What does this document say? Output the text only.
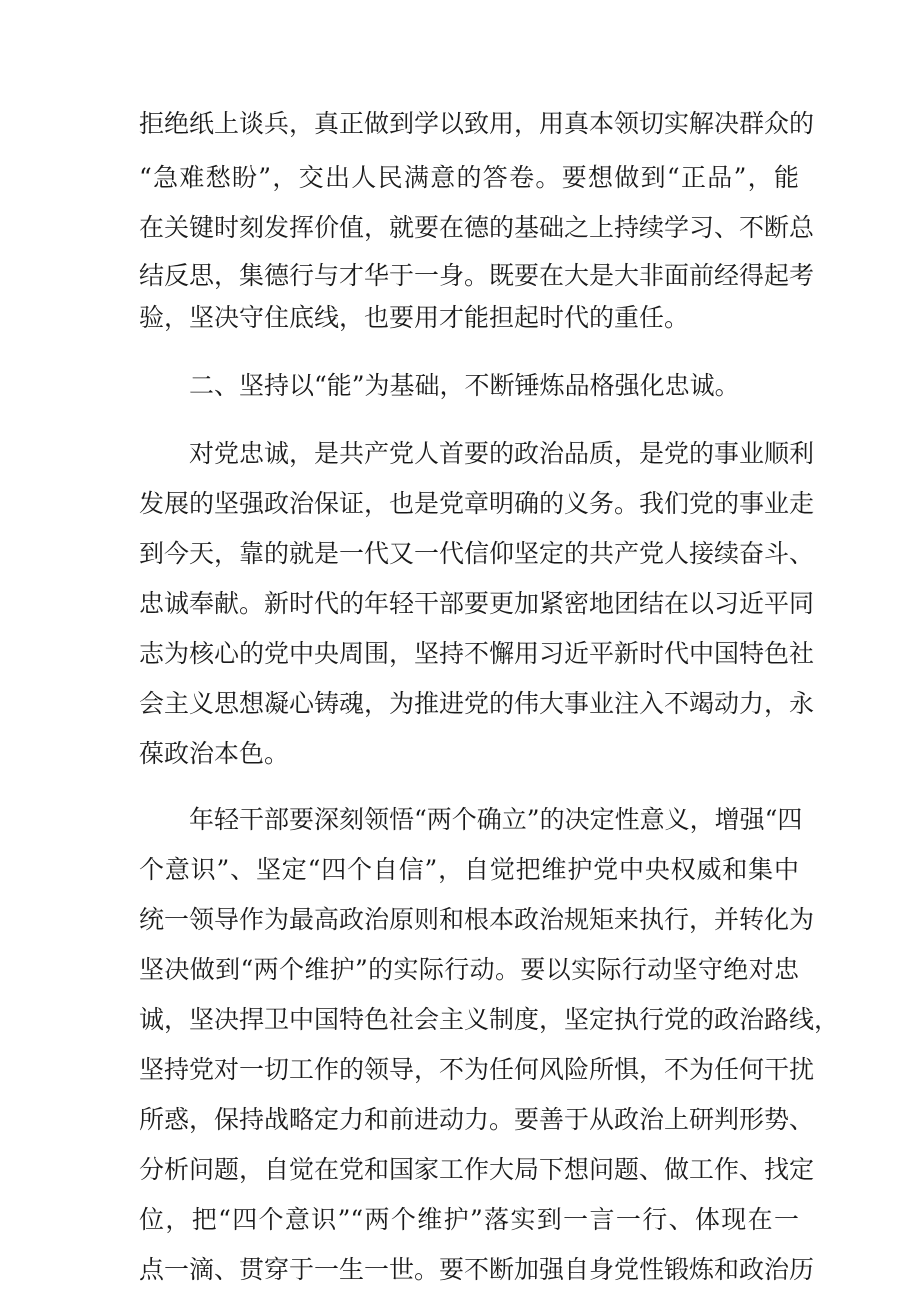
拒绝纸上谈兵，真正做到学以致用，用真本领切实解决群众的
“急难愁盼”，交出人民满意的答卷。要想做到“正品”，能
在关键时刻发挥价值，就要在德的基础之上持续学习、不断总
结反思，集德行与才华于一身。既要在大是大非面前经得起考
验，坚决守住底线，也要用才能担起时代的重任。
二、坚持以“能”为基础，不断锤炼品格强化忠诚。
对党忠诚，是共产党人首要的政治品质，是党的事业顺利
发展的坚强政治保证，也是党章明确的义务。我们党的事业走
到今天，靠的就是一代又一代信仰坚定的共产党人接续奋斗、
忠诚奉献。新时代的年轻干部要更加紧密地团结在以习近平同
志为核心的党中央周围，坚持不懈用习近平新时代中国特色社
会主义思想凝心铸魂，为推进党的伟大事业注入不竭动力，永
葆政治本色。
年轻干部要深刻领悟“两个确立”的决定性意义，增强“四
个意识”、坚定“四个自信”，自觉把维护党中央权威和集中
统一领导作为最高政治原则和根本政治规矩来执行，并转化为
坚决做到“两个维护”的实际行动。要以实际行动坚守绝对忠
诚，坚决捍卫中国特色社会主义制度，坚定执行党的政治路线，
坚持党对一切工作的领导，不为任何风险所惧，不为任何干扰
所惑，保持战略定力和前进动力。要善于从政治上研判形势、
分析问题，自觉在党和国家工作大局下想问题、做工作、找定
位，把“四个意识”“两个维护”落实到一言一行、体现在一
点一滴、贯穿于一生一世。要不断加强自身党性锻炼和政治历
